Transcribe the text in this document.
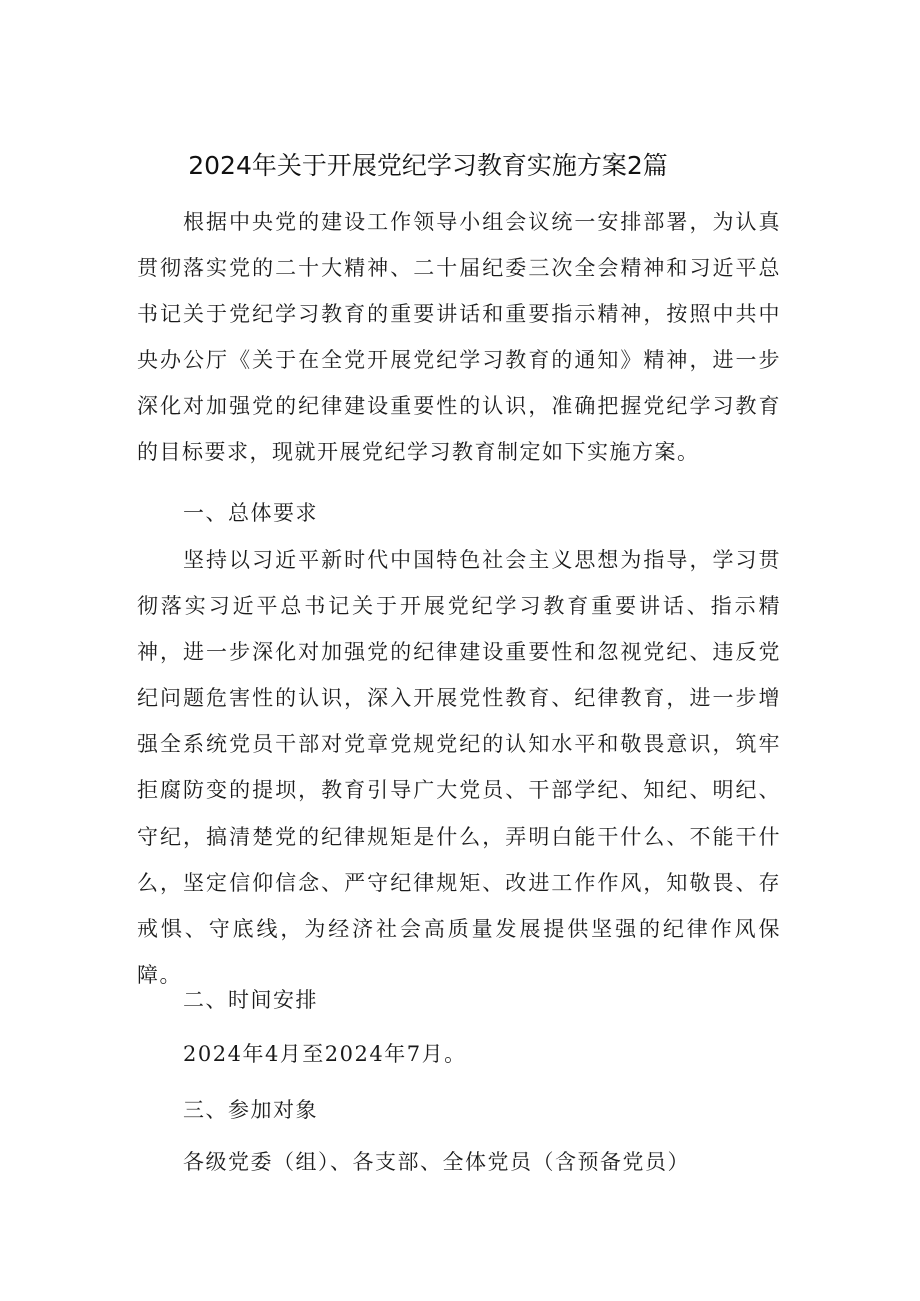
2024年关于开展党纪学习教育实施方案2篇

根据中央党的建设工作领导小组会议统一安排部署，为认真贯彻落实党的二十大精神、二十届纪委三次全会精神和习近平总书记关于党纪学习教育的重要讲话和重要指示精神，按照中共中央办公厅《关于在全党开展党纪学习教育的通知》精神，进一步深化对加强党的纪律建设重要性的认识，准确把握党纪学习教育的目标要求，现就开展党纪学习教育制定如下实施方案。

一、总体要求

坚持以习近平新时代中国特色社会主义思想为指导，学习贯彻落实习近平总书记关于开展党纪学习教育重要讲话、指示精神，进一步深化对加强党的纪律建设重要性和忽视党纪、违反党纪问题危害性的认识，深入开展党性教育、纪律教育，进一步增强全系统党员干部对党章党规党纪的认知水平和敬畏意识，筑牢拒腐防变的提坝，教育引导广大党员、干部学纪、知纪、明纪、守纪，搞清楚党的纪律规矩是什么，弄明白能干什么、不能干什么，坚定信仰信念、严守纪律规矩、改进工作作风，知敬畏、存戒惧、守底线，为经济社会高质量发展提供坚强的纪律作风保障。

二、时间安排

2024年4月至2024年7月。

三、参加对象

各级党委（组）、各支部、全体党员（含预备党员）
